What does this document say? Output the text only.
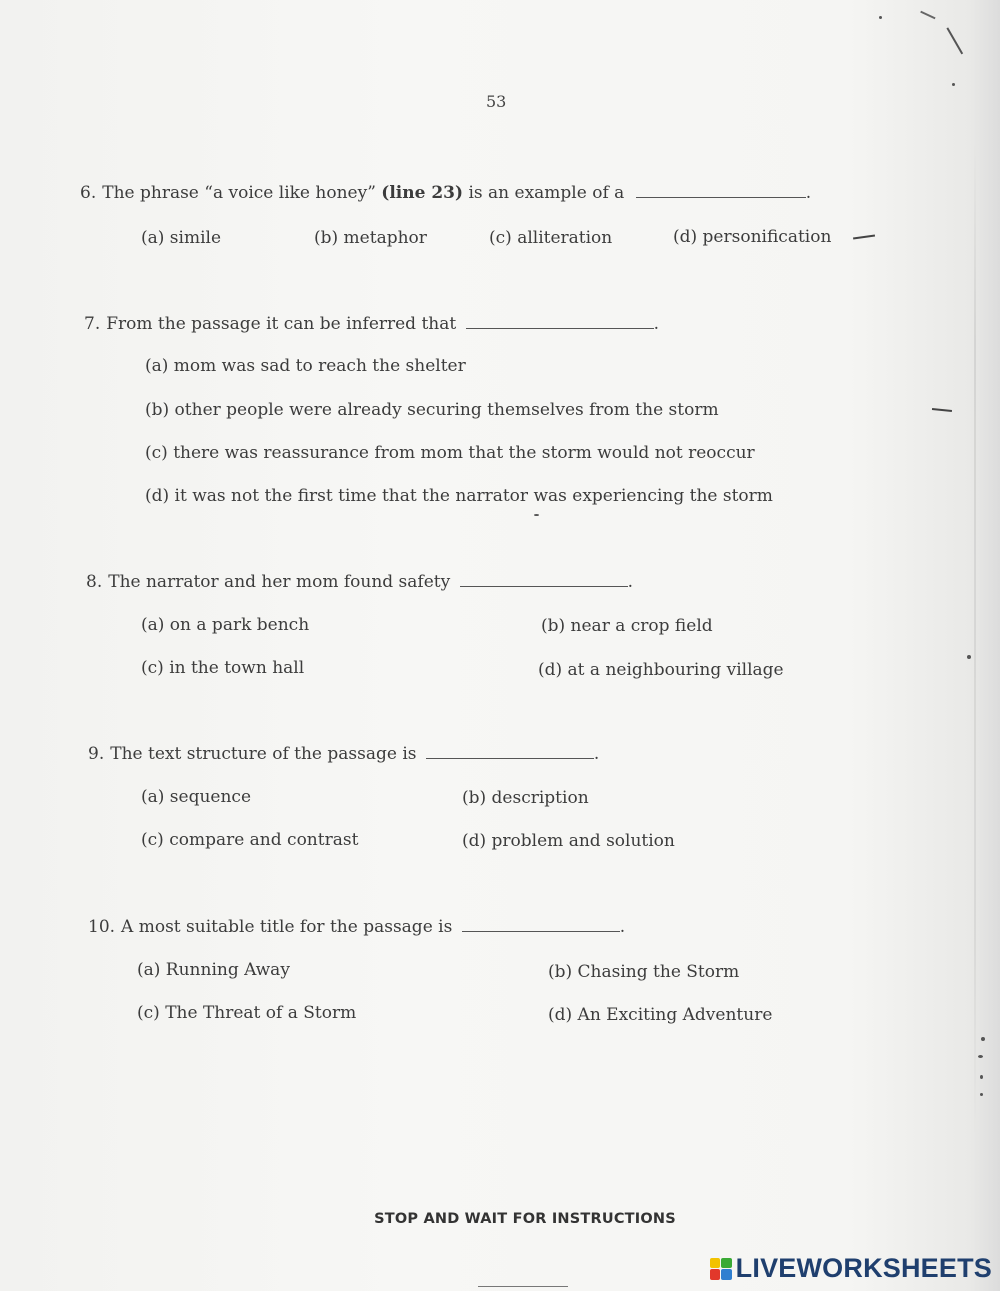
53
6. The phrase “a voice like honey” (line 23) is an example of a	.
(a) simile	(b) metaphor	(c) alliteration	(d) personification
7. From the passage it can be inferred that	.
(a) mom was sad to reach the shelter
(b) other people were already securing themselves from the storm
(c) there was reassurance from mom that the storm would not reoccur
(d) it was not the first time that the narrator was experiencing the storm
8. The narrator and her mom found safety	.
(a) on a park bench	(b) near a crop field
(c) in the town hall	(d) at a neighbouring village
9. The text structure of the passage is	.
(a) sequence	(b) description
(c) compare and contrast	(d) problem and solution
10. A most suitable title for the passage is	.
(a) Running Away	(b) Chasing the Storm
(c) The Threat of a Storm	(d) An Exciting Adventure
STOP AND WAIT FOR INSTRUCTIONS
LIVEWORKSHEETS
